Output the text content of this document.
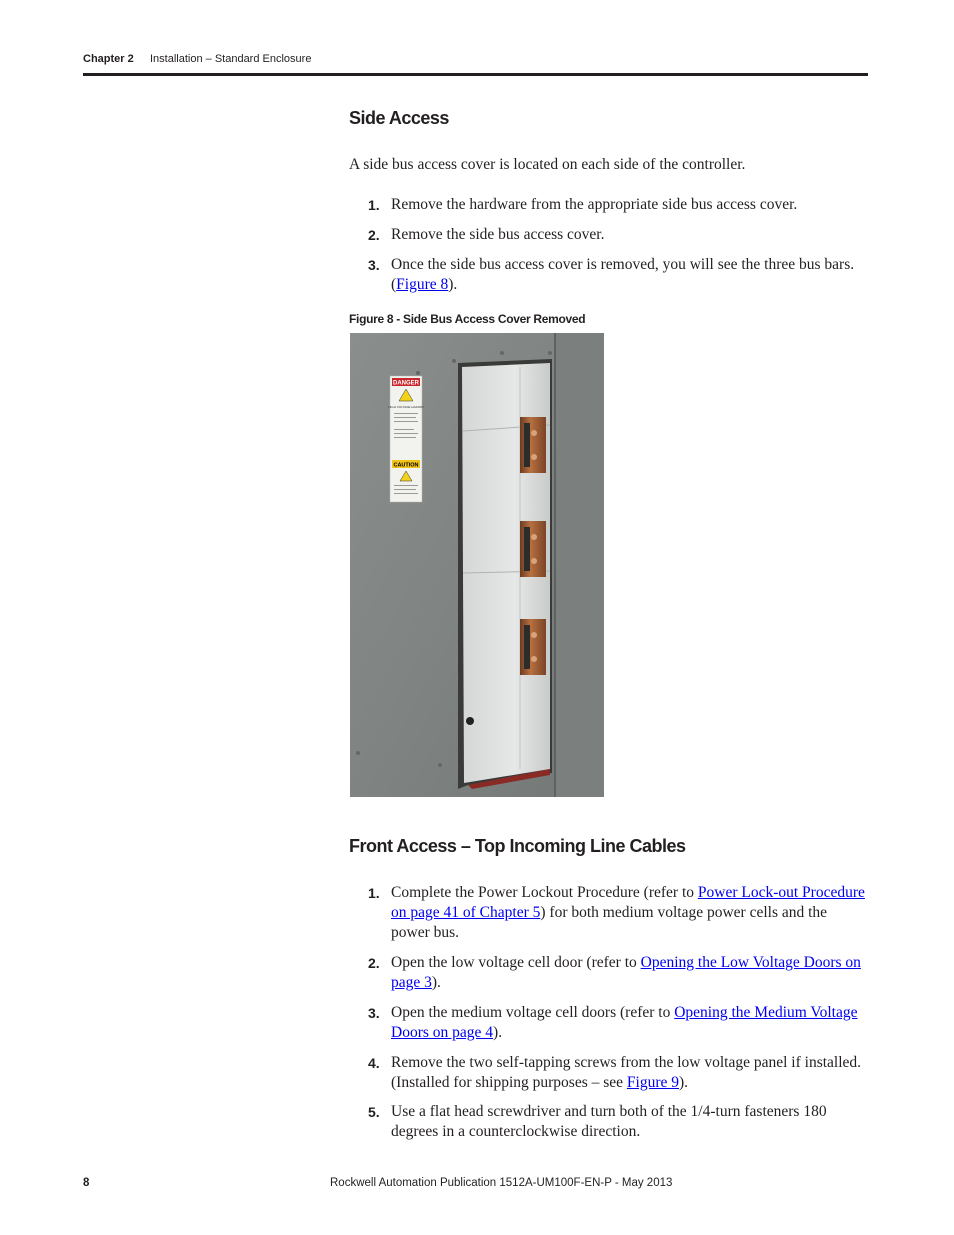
Chapter 2 Installation – Standard Enclosure
Side Access
A side bus access cover is located on each side of the controller.
1. Remove the hardware from the appropriate side bus access cover.
2. Remove the side bus access cover.
3. Once the side bus access cover is removed, you will see the three bus bars. (Figure 8).
Figure 8 - Side Bus Access Cover Removed
DANGER
HIGH VOLTAGE HAZARD
CAUTION
Front Access – Top Incoming Line Cables
1. Complete the Power Lockout Procedure (refer to Power Lock-out Procedure on page 41 of Chapter 5) for both medium voltage power cells and the power bus.
2. Open the low voltage cell door (refer to Opening the Low Voltage Doors on page 3).
3. Open the medium voltage cell doors (refer to Opening the Medium Voltage Doors on page 4).
4. Remove the two self-tapping screws from the low voltage panel if installed. (Installed for shipping purposes – see Figure 9).
5. Use a flat head screwdriver and turn both of the 1/4-turn fasteners 180 degrees in a counterclockwise direction.
8	Rockwell Automation Publication 1512A-UM100F-EN-P - May 2013
